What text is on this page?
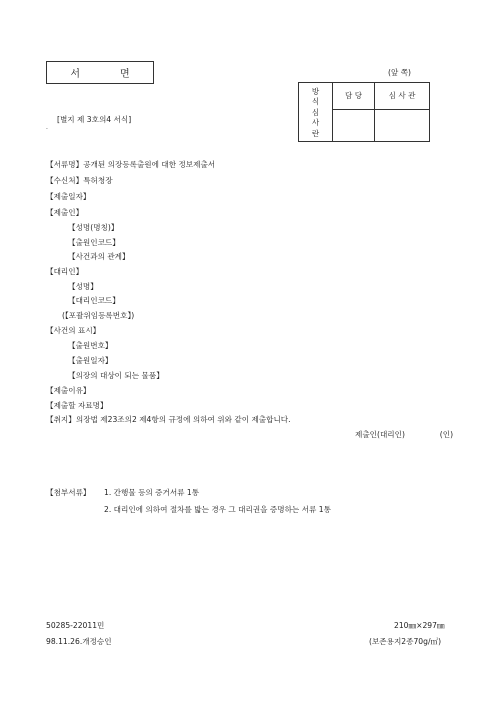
서	면	(앞 쪽)
방
식
심
사
란	담 당	심 사 관

[별지 제 3호의4 서식]
.
【서류명】공개된 의장등록출원에 대한 정보제출서
【수신처】특허청장
【제출일자】
【제출인】
【성명(명칭)】
【출원인코드】
【사건과의 관계】
【대리인】
【성명】
【대리인코드】
(【포괄위임등록번호】)
【사건의 표시】
【출원번호】
【출원일자】
【의장의 대상이 되는 물품】
【제출이유】
【제출할 자료명】
【취지】의장법 제23조의2 제4항의 규정에 의하여 위와 같이 제출합니다.
제출인(대리인)	(인)
【첨부서류】 1. 간행물 등의 증거서류 1통
2. 대리인에 의하여 절차를 밟는 경우 그 대리권을 증명하는 서류 1통
50285-22011민
98.11.26.개정승인
210㎜×297㎜
(보존용지2종70g/㎡)
